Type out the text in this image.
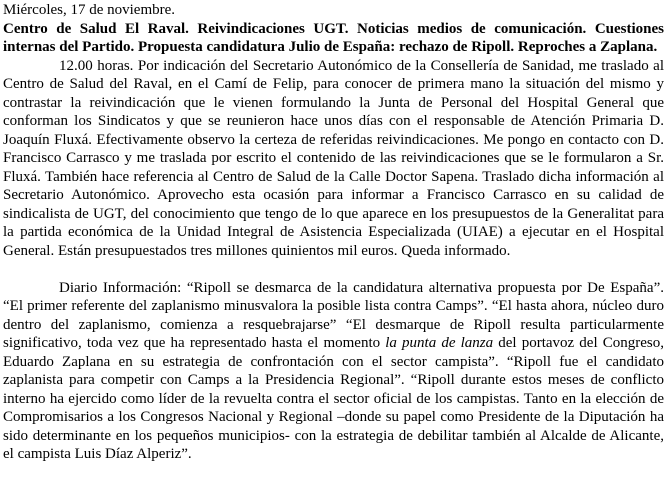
Miércoles, 17 de noviembre.

Centro de Salud El Raval. Reivindicaciones UGT. Noticias medios de comunicación. Cuestiones internas del Partido. Propuesta candidatura Julio de España: rechazo de Ripoll. Reproches a Zaplana.

12.00 horas. Por indicación del Secretario Autonómico de la Consellería de Sanidad, me traslado al Centro de Salud del Raval, en el Camí de Felip, para conocer de primera mano la situación del mismo y contrastar la reivindicación que le vienen formulando la Junta de Personal del Hospital General que conforman los Sindicatos y que se reunieron hace unos días con el responsable de Atención Primaria D. Joaquín Fluxá. Efectivamente observo la certeza de referidas reivindicaciones. Me pongo en contacto con D. Francisco Carrasco y me traslada por escrito el contenido de las reivindicaciones que se le formularon a Sr. Fluxá. También hace referencia al Centro de Salud de la Calle Doctor Sapena. Traslado dicha información al Secretario Autonómico. Aprovecho esta ocasión para informar a Francisco Carrasco en su calidad de sindicalista de UGT, del conocimiento que tengo de lo que aparece en los presupuestos de la Generalitat para la partida económica de la Unidad Integral de Asistencia Especializada (UIAE) a ejecutar en el Hospital General. Están presupuestados tres millones quinientos mil euros. Queda informado.

Diario Información: “Ripoll se desmarca de la candidatura alternativa propuesta por De España”. “El primer referente del zaplanismo minusvalora la posible lista contra Camps”. “El hasta ahora, núcleo duro dentro del zaplanismo, comienza a resquebrajarse” “El desmarque de Ripoll resulta particularmente significativo, toda vez que ha representado hasta el momento la punta de lanza del portavoz del Congreso, Eduardo Zaplana en su estrategia de confrontación con el sector campista”. “Ripoll fue el candidato zaplanista para competir con Camps a la Presidencia Regional”. “Ripoll durante estos meses de conflicto interno ha ejercido como líder de la revuelta contra el sector oficial de los campistas. Tanto en la elección de Compromisarios a los Congresos Nacional y Regional –donde su papel como Presidente de la Diputación ha sido determinante en los pequeños municipios- con la estrategia de debilitar también al Alcalde de Alicante, el campista Luis Díaz Alperiz”.
